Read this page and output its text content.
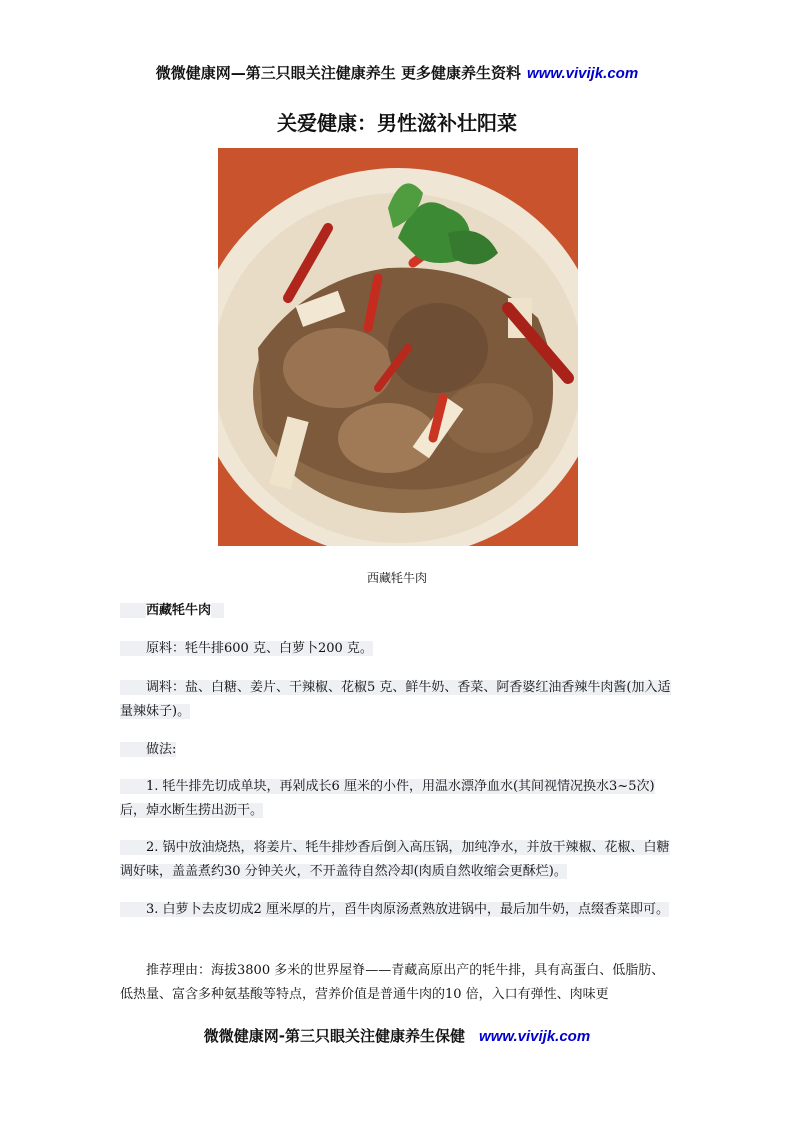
微微健康网—第三只眼关注健康养生 更多健康养生资料 www.vivijk.com
关爱健康：男性滋补壮阳菜
西藏牦牛肉
　　西藏牦牛肉　
　　原料：牦牛排600 克、白萝卜200 克。
　　调料：盐、白糖、姜片、干辣椒、花椒5 克、鲜牛奶、香菜、阿香婆红油香辣牛肉酱(加入适量辣妹子)。
　　做法:
　　1. 牦牛排先切成单块，再剁成长6 厘米的小件，用温水漂净血水(其间视情况换水3~5次)后，焯水断生捞出沥干。
　　2. 锅中放油烧热，将姜片、牦牛排炒香后倒入高压锅，加纯净水，并放干辣椒、花椒、白糖调好味，盖盖煮约30 分钟关火，不开盖待自然冷却(肉质自然收缩会更酥烂)。
　　3. 白萝卜去皮切成2 厘米厚的片，舀牛肉原汤煮熟放进锅中，最后加牛奶，点缀香菜即可。
　　推荐理由：海拔3800 多米的世界屋脊——青藏高原出产的牦牛排，具有高蛋白、低脂肪、低热量、富含多种氨基酸等特点，营养价值是普通牛肉的10 倍，入口有弹性、肉味更
微微健康网-第三只眼关注健康养生保健 www.vivijk.com
